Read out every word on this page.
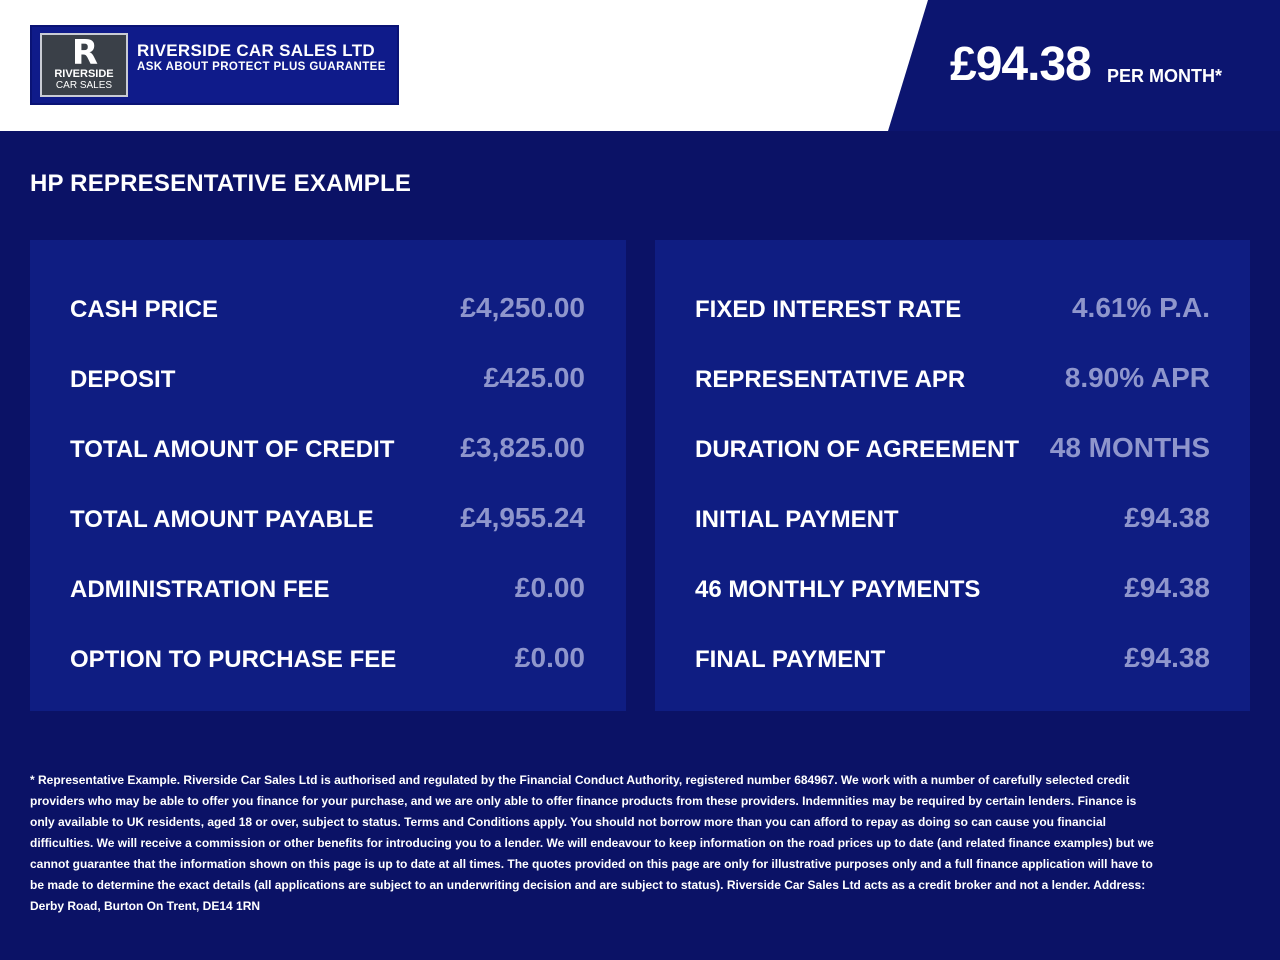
R
RIVERSIDE
CAR SALES
RIVERSIDE CAR SALES LTD
ASK ABOUT PROTECT PLUS GUARANTEE	£94.38 PER MONTH*
HP REPRESENTATIVE EXAMPLE
CASH PRICE	£4,250.00
DEPOSIT	£425.00
TOTAL AMOUNT OF CREDIT £3,825.00
TOTAL AMOUNT PAYABLE	£4,955.24
ADMINISTRATION FEE	£0.00
OPTION TO PURCHASE FEE	£0.00
FIXED INTEREST RATE	4.61% P.A.
REPRESENTATIVE APR	8.90% APR
DURATION OF AGREEMENT 48 MONTHS
INITIAL PAYMENT	£94.38
46 MONTHLY PAYMENTS	£94.38
FINAL PAYMENT	£94.38
* Representative Example. Riverside Car Sales Ltd is authorised and regulated by the Financial Conduct Authority, registered number 684967. We work with a number of carefully selected credit providers who may be able to offer you finance for your purchase, and we are only able to offer finance products from these providers. Indemnities may be required by certain lenders. Finance is only available to UK residents, aged 18 or over, subject to status. Terms and Conditions apply. You should not borrow more than you can afford to repay as doing so can cause you financial difficulties. We will receive a commission or other benefits for introducing you to a lender. We will endeavour to keep information on the road prices up to date (and related finance examples) but we cannot guarantee that the information shown on this page is up to date at all times. The quotes provided on this page are only for illustrative purposes only and a full finance application will have to be made to determine the exact details (all applications are subject to an underwriting decision and are subject to status). Riverside Car Sales Ltd acts as a credit broker and not a lender. Address: Derby Road, Burton On Trent, DE14 1RN
